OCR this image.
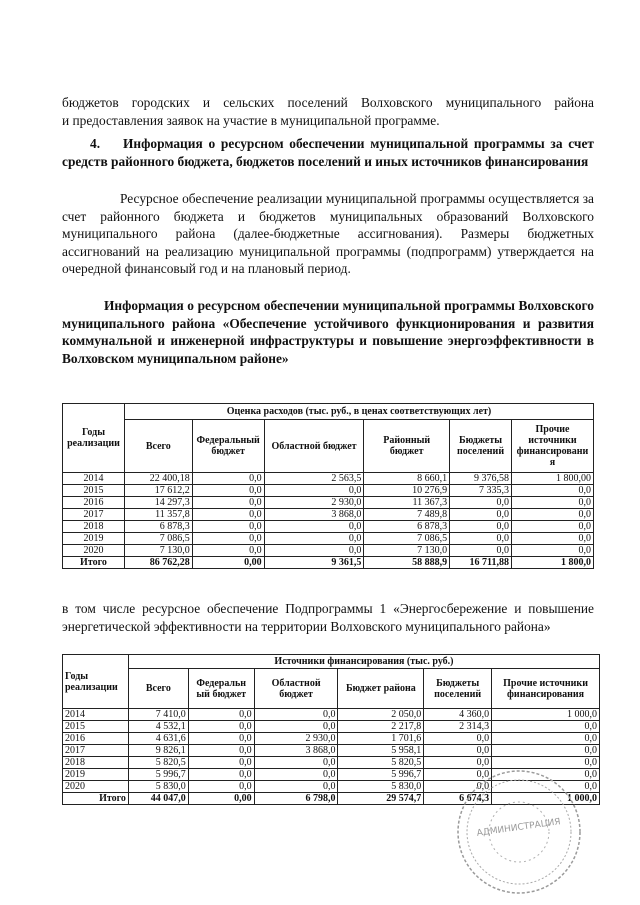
бюджетов городских и сельских поселений Волховского муниципального района
и предоставления заявок на участие в муниципальной программе.
4.    Информация о ресурсном обеспечении муниципальной программы за счет средств районного бюджета, бюджетов поселений и иных источников финансирования
Ресурсное обеспечение реализации муниципальной программы осуществляется за счет районного бюджета и бюджетов муниципальных образований Волховского муниципального района (далее-бюджетные ассигнования). Размеры бюджетных ассигнований на реализацию муниципальной программы (подпрограмм) утверждается на очередной финансовый год и на плановый период.
Информация о ресурсном обеспечении муниципальной программы Волховского муниципального района «Обеспечение устойчивого функционирования и развития коммунальной и инженерной инфраструктуры и повышение энергоэффективности в Волховском муниципальном районе»
Годы реализации	Оценка расходов (тыс. руб., в ценах соответствующих лет)					
	Всего	Федеральный бюджет	Областной бюджет	Районный бюджет	Бюджеты поселений	Прочие источники финансировани я
2014	22 400,18	0,0	2 563,5	8 660,1	9 376,58	1 800,00
2015	17 612,2	0,0	0,0	10 276,9	7 335,3	0,0
2016	14 297,3	0,0	2 930,0	11 367,3	0,0	0,0
2017	11 357,8	0,0	3 868,0	7 489,8	0,0	0,0
2018	6 878,3	0,0	0,0	6 878,3	0,0	0,0
2019	7 086,5	0,0	0,0	7 086,5	0,0	0,0
2020	7 130,0	0,0	0,0	7 130,0	0,0	0,0
Итого	86 762,28	0,00	9 361,5	58 888,9	16 711,88	1 800,0
в том числе ресурсное обеспечение Подпрограммы 1 «Энергосбережение и повышение энергетической эффективности на территории Волховского муниципального района»
Годы реализации	Источники финансирования (тыс. руб.)					
	Всего	Федеральн ый бюджет	Областной бюджет	Бюджет района	Бюджеты поселений	Прочие источники финансирования
2014	7 410,0	0,0	0,0	2 050,0	4 360,0	1 000,0
2015	4 532,1	0,0	0,0	2 217,8	2 314,3	0,0
2016	4 631,6	0,0	2 930,0	1 701,6	0,0	0,0
2017	9 826,1	0,0	3 868,0	5 958,1	0,0	0,0
2018	5 820,5	0,0	0,0	5 820,5	0,0	0,0
2019	5 996,7	0,0	0,0	5 996,7	0,0	0,0
2020	5 830,0	0,0	0,0	5 830,0	0,0	0,0
Итого	44 047,0	0,00	6 798,0	29 574,7	6 674,3	1 000,0
АДМИНИСТРАЦИЯ
